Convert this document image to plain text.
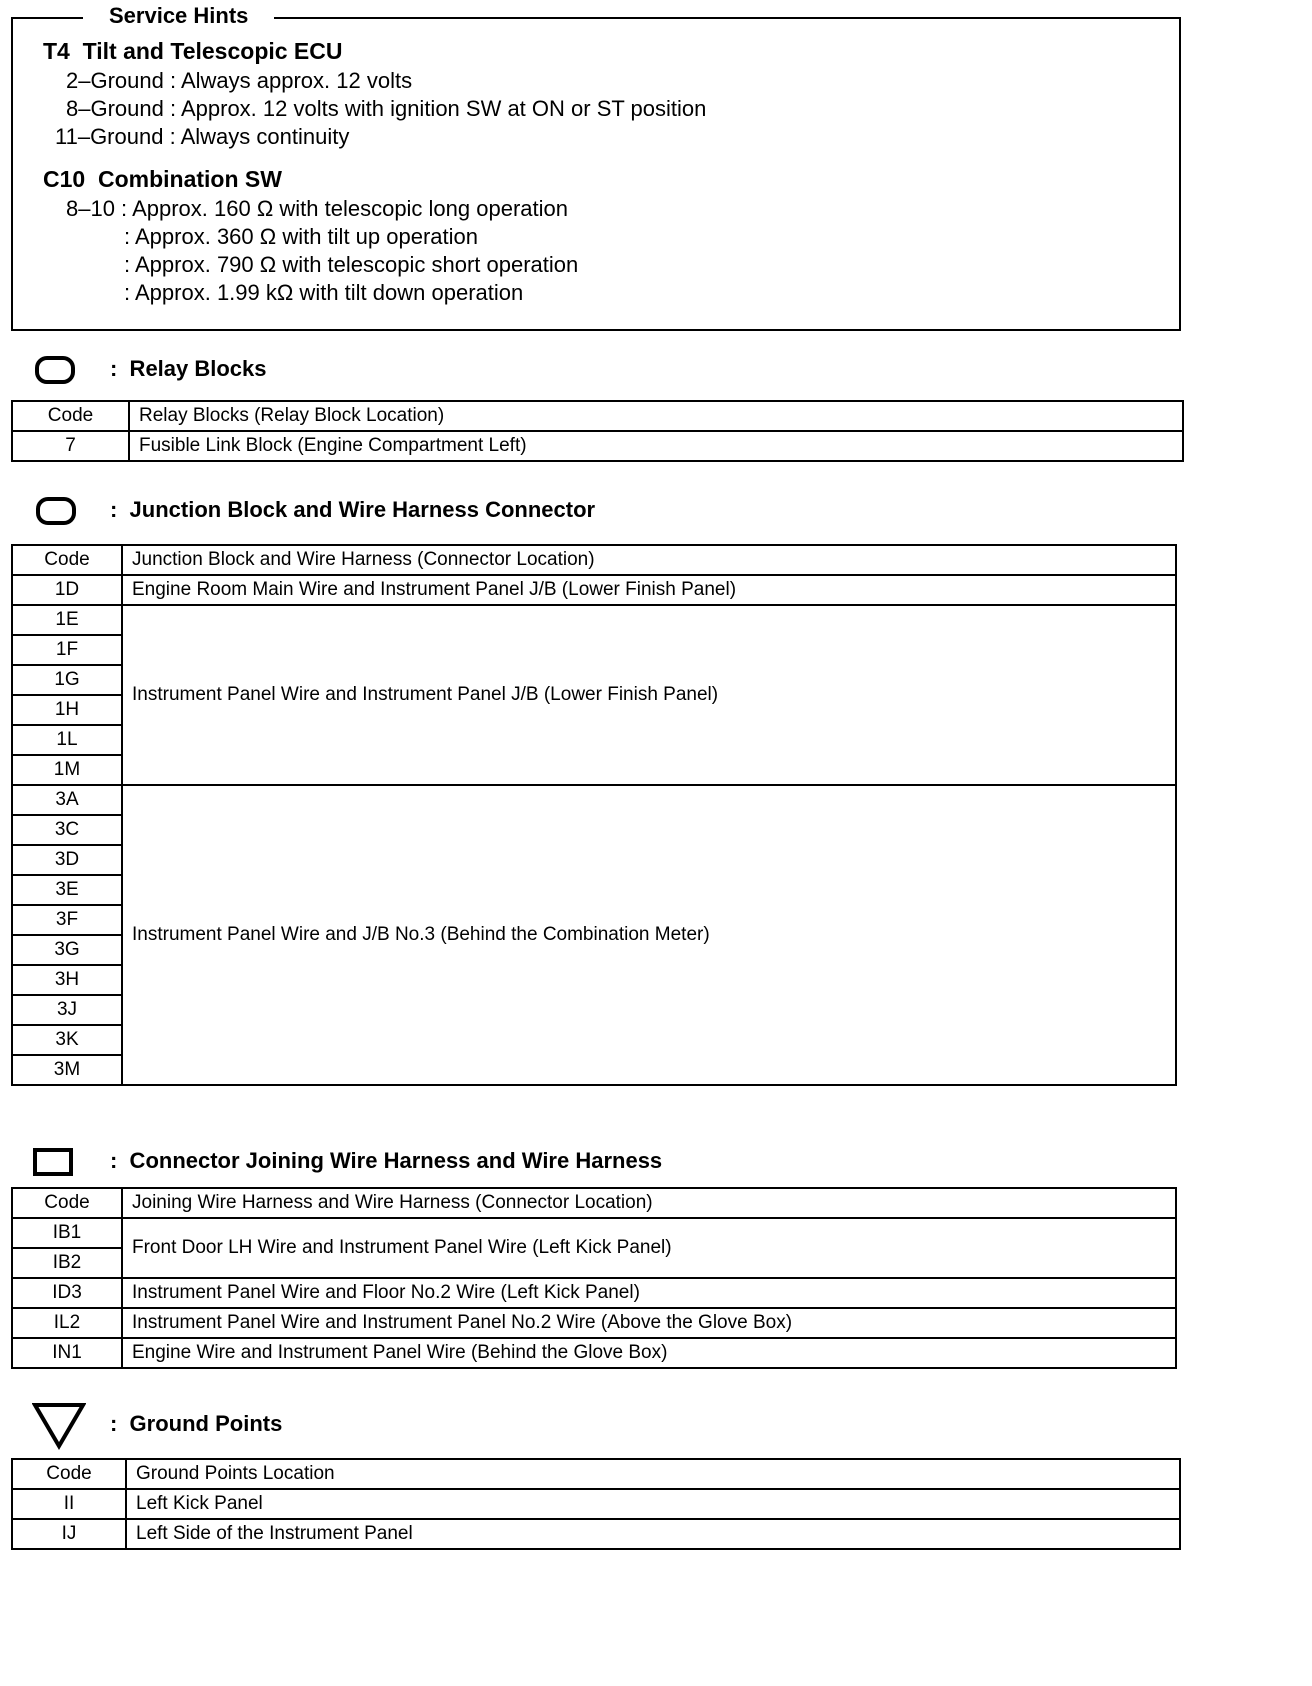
Service Hints
T4  Tilt and Telescopic ECU
2–Ground : Always approx. 12 volts
8–Ground : Approx. 12 volts with ignition SW at ON or ST position
11–Ground : Always continuity
C10  Combination SW
8–10 : Approx. 160 Ω with telescopic long operation
: Approx. 360 Ω with tilt up operation
: Approx. 790 Ω with telescopic short operation
: Approx. 1.99 kΩ with tilt down operation
:  Relay Blocks
Code	Relay Blocks (Relay Block Location)
7	Fusible Link Block (Engine Compartment Left)
:  Junction Block and Wire Harness Connector
Code	Junction Block and Wire Harness (Connector Location)
1D	Engine Room Main Wire and Instrument Panel J/B (Lower Finish Panel)
1E	Instrument Panel Wire and Instrument Panel J/B (Lower Finish Panel)
1F	
1G	
1H	
1L	
1M	
3A	Instrument Panel Wire and J/B No.3 (Behind the Combination Meter)
3C	
3D	
3E	
3F	
3G	
3H	
3J	
3K	
3M	
:  Connector Joining Wire Harness and Wire Harness
Code	Joining Wire Harness and Wire Harness (Connector Location)
IB1	Front Door LH Wire and Instrument Panel Wire (Left Kick Panel)
IB2	
ID3	Instrument Panel Wire and Floor No.2 Wire (Left Kick Panel)
IL2	Instrument Panel Wire and Instrument Panel No.2 Wire (Above the Glove Box)
IN1	Engine Wire and Instrument Panel Wire (Behind the Glove Box)
:  Ground Points
Code	Ground Points Location
II	Left Kick Panel
IJ	Left Side of the Instrument Panel
